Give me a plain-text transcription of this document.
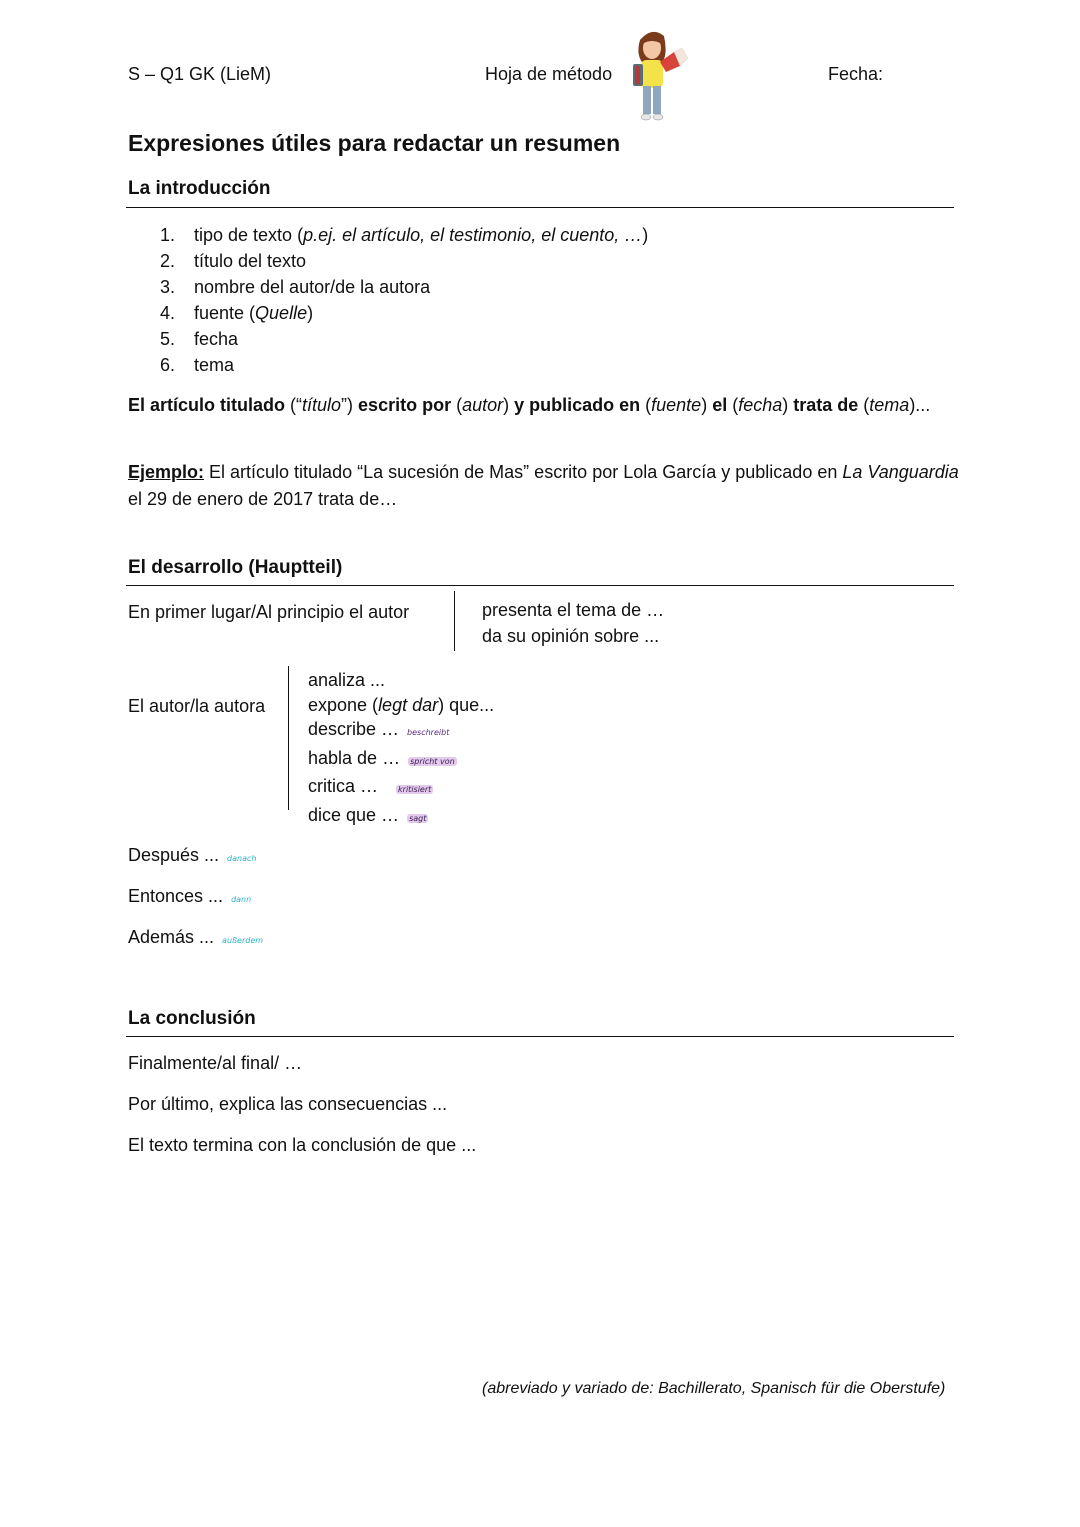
S – Q1 GK (LieM)	Hoja de método	Fecha:
Expresiones útiles para redactar un resumen
La introducción
1. tipo de texto (p.ej. el artículo, el testimonio, el cuento, …)
2. título del texto
3. nombre del autor/de la autora
4. fuente (Quelle)
5. fecha
6. tema
El artículo titulado (“título”) escrito por (autor) y publicado en (fuente) el (fecha) trata de (tema)...
Ejemplo: El artículo titulado “La sucesión de Mas” escrito por Lola García y publicado en La Vanguardia
el 29 de enero de 2017 trata de…
El desarrollo (Hauptteil)
En primer lugar/Al principio el autor	presenta el tema de …
da su opinión sobre ...
El autor/la autora
analiza ...
expone (legt dar) que...
describe … beschreibt
habla de … spricht von
critica …	kritisiert
dice que … sagt
Después ... danach
Entonces ... dann
Además ... außerdem
La conclusión
Finalmente/al final/ …
Por último, explica las consecuencias ...
El texto termina con la conclusión de que ...
(abreviado y variado de: Bachillerato, Spanisch für die Oberstufe)
